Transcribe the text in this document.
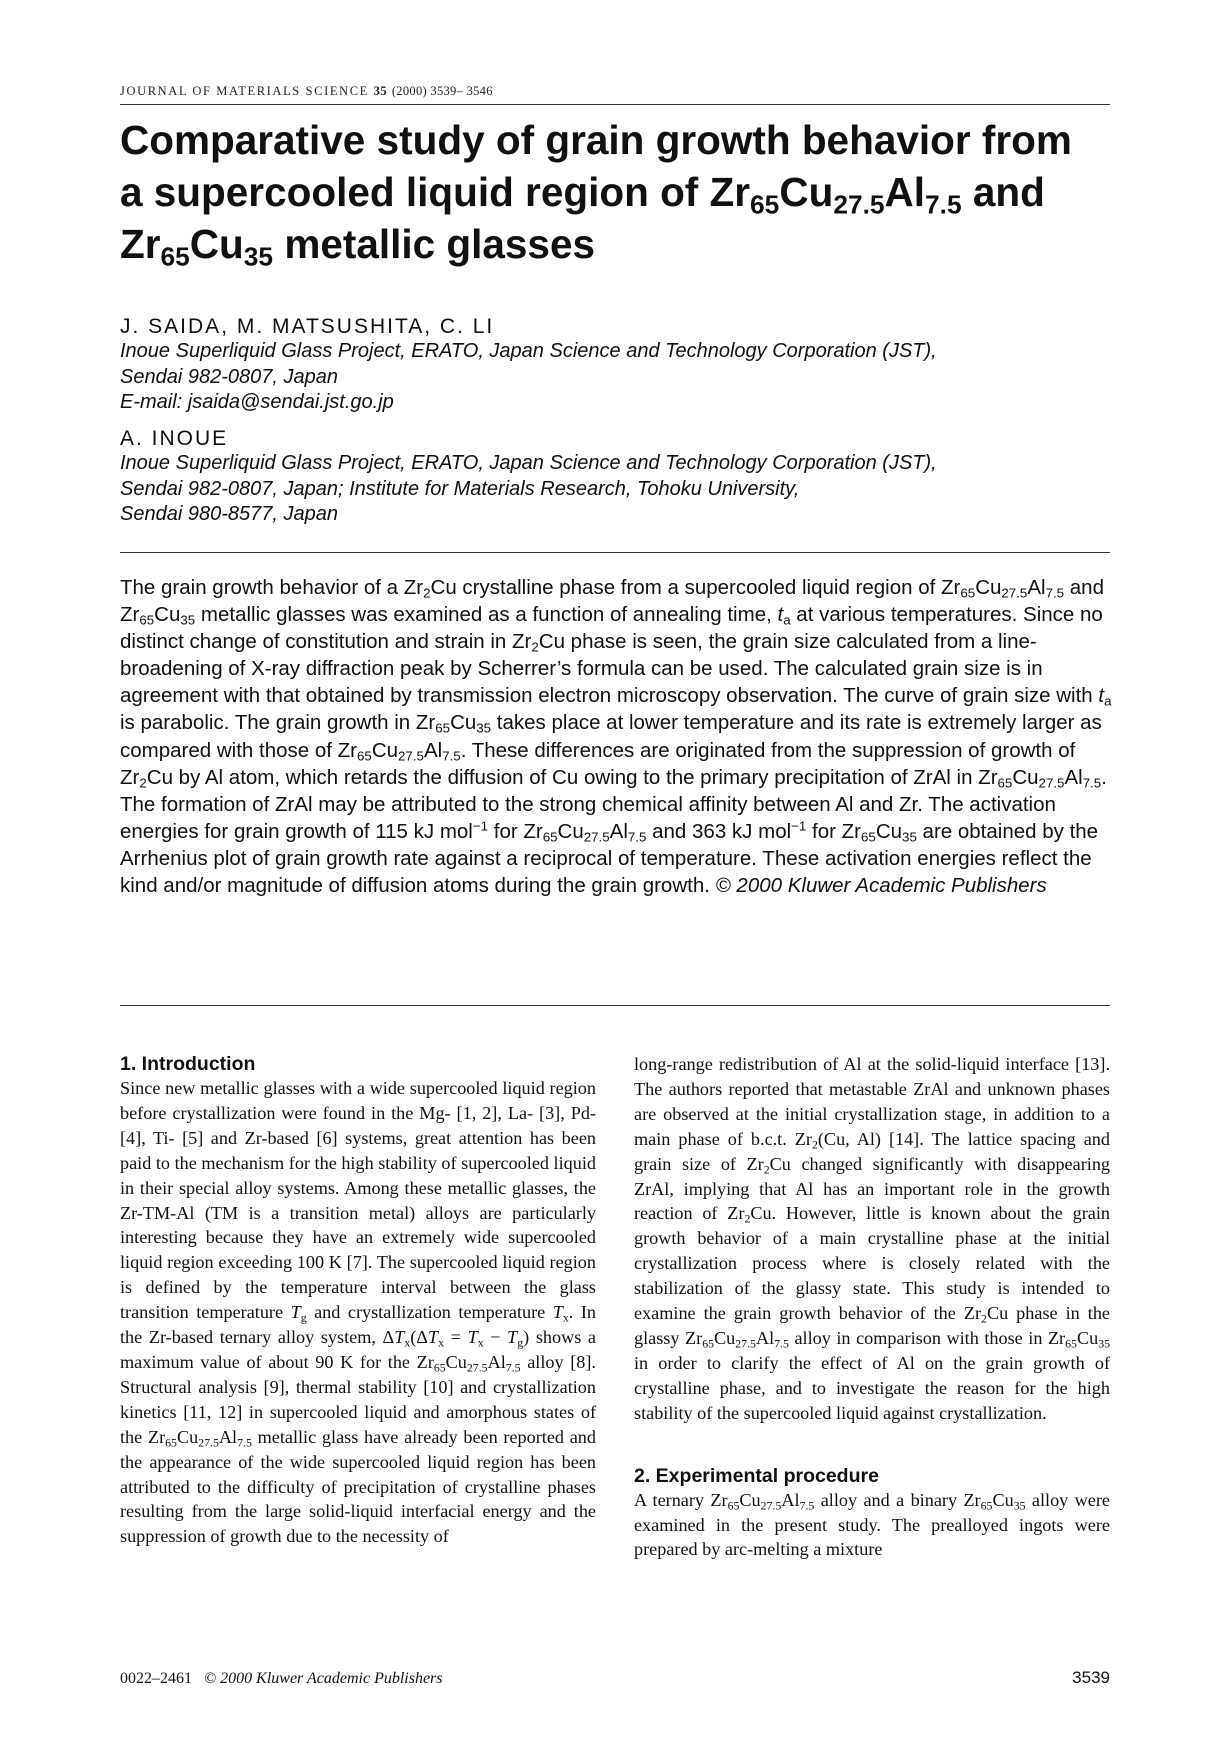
JOURNAL OF MATERIALS SCIENCE 35 (2000) 3539– 3546
Comparative study of grain growth behavior from
a supercooled liquid region of $Zr_{65}Cu_{27.5}Al_{7.5}$ and
$Zr_{65}Cu_{35}$ metallic glasses
J. SAIDA, M. MATSUSHITA, C. LI
Inoue Superliquid Glass Project, ERATO, Japan Science and Technology Corporation (JST),
Sendai 982-0807, Japan
E-mail: jsaida@sendai.jst.go.jp
A. INOUE
Inoue Superliquid Glass Project, ERATO, Japan Science and Technology Corporation (JST),
Sendai 982-0807, Japan; Institute for Materials Research, Tohoku University,
Sendai 980-8577, Japan
The grain growth behavior of a $Zr_2Cu$ crystalline phase from a supercooled liquid region of $Zr_{65}Cu_{27.5}Al_{7.5}$ and $Zr_{65}Cu_{35}$ metallic glasses was examined as a function of annealing time, $t_a$ at various temperatures. Since no distinct change of constitution and strain in $Zr_2Cu$ phase is seen, the grain size calculated from a line-broadening of X-ray diffraction peak by Scherrer’s formula can be used. The calculated grain size is in agreement with that obtained by transmission electron microscopy observation. The curve of grain size with $t_a$ is parabolic. The grain growth in $Zr_{65}Cu_{35}$ takes place at lower temperature and its rate is extremely larger as compared with those of $Zr_{65}Cu_{27.5}Al_{7.5}$. These differences are originated from the suppression of growth of $Zr_2Cu$ by Al atom, which retards the diffusion of Cu owing to the primary precipitation of ZrAl in $Zr_{65}Cu_{27.5}Al_{7.5}$. The formation of ZrAl may be attributed to the strong chemical affinity between Al and Zr. The activation energies for grain growth of 115 kJ mol$^{-1}$ for $Zr_{65}Cu_{27.5}Al_{7.5}$ and 363 kJ mol$^{-1}$ for $Zr_{65}Cu_{35}$ are obtained by the Arrhenius plot of grain growth rate against a reciprocal of temperature. These activation energies reflect the kind and/or magnitude of diffusion atoms during the grain growth. © 2000 Kluwer Academic Publishers
1. Introduction

Since new metallic glasses with a wide supercooled liquid region before crystallization were found in the Mg- [1, 2], La- [3], Pd- [4], Ti- [5] and Zr-based [6] systems, great attention has been paid to the mechanism for the high stability of supercooled liquid in their special alloy systems. Among these metallic glasses, the Zr-TM-Al (TM is a transition metal) alloys are particularly interesting because they have an extremely wide supercooled liquid region exceeding 100 K [7]. The supercooled liquid region is defined by the temperature interval between the glass transition temperature $T_g$ and crystallization temperature $T_x$. In the Zr-based ternary alloy system, $\Delta T_x(\Delta T_x = T_x - T_g)$ shows a maximum value of about 90 K for the $Zr_{65}Cu_{27.5}Al_{7.5}$ alloy [8]. Structural analysis [9], thermal stability [10] and crystallization kinetics [11, 12] in supercooled liquid and amorphous states of the $Zr_{65}Cu_{27.5}Al_{7.5}$ metallic glass have already been reported and the appearance of the wide supercooled liquid region has been attributed to the difficulty of precipitation of crystalline phases resulting from the large solid-liquid interfacial energy and the suppression of growth due to the necessity of

long-range redistribution of Al at the solid-liquid interface [13]. The authors reported that metastable ZrAl and unknown phases are observed at the initial crystallization stage, in addition to a main phase of b.c.t. $Zr_2(Cu$, Al) [14]. The lattice spacing and grain size of $Zr_2Cu$ changed significantly with disappearing ZrAl, implying that Al has an important role in the growth reaction of $Zr_2Cu$. However, little is known about the grain growth behavior of a main crystalline phase at the initial crystallization process where is closely related with the stabilization of the glassy state. This study is intended to examine the grain growth behavior of the $Zr_2Cu$ phase in the glassy $Zr_{65}Cu_{27.5}Al_{7.5}$ alloy in comparison with those in $Zr_{65}Cu_{35}$ in order to clarify the effect of Al on the grain growth of crystalline phase, and to investigate the reason for the high stability of the supercooled liquid against crystallization.

2. Experimental procedure

A ternary $Zr_{65}Cu_{27.5}Al_{7.5}$ alloy and a binary $Zr_{65}Cu_{35}$ alloy were examined in the present study. The prealloyed ingots were prepared by arc-melting a mixture

0022–2461 © 2000 Kluwer Academic Publishers	3539
